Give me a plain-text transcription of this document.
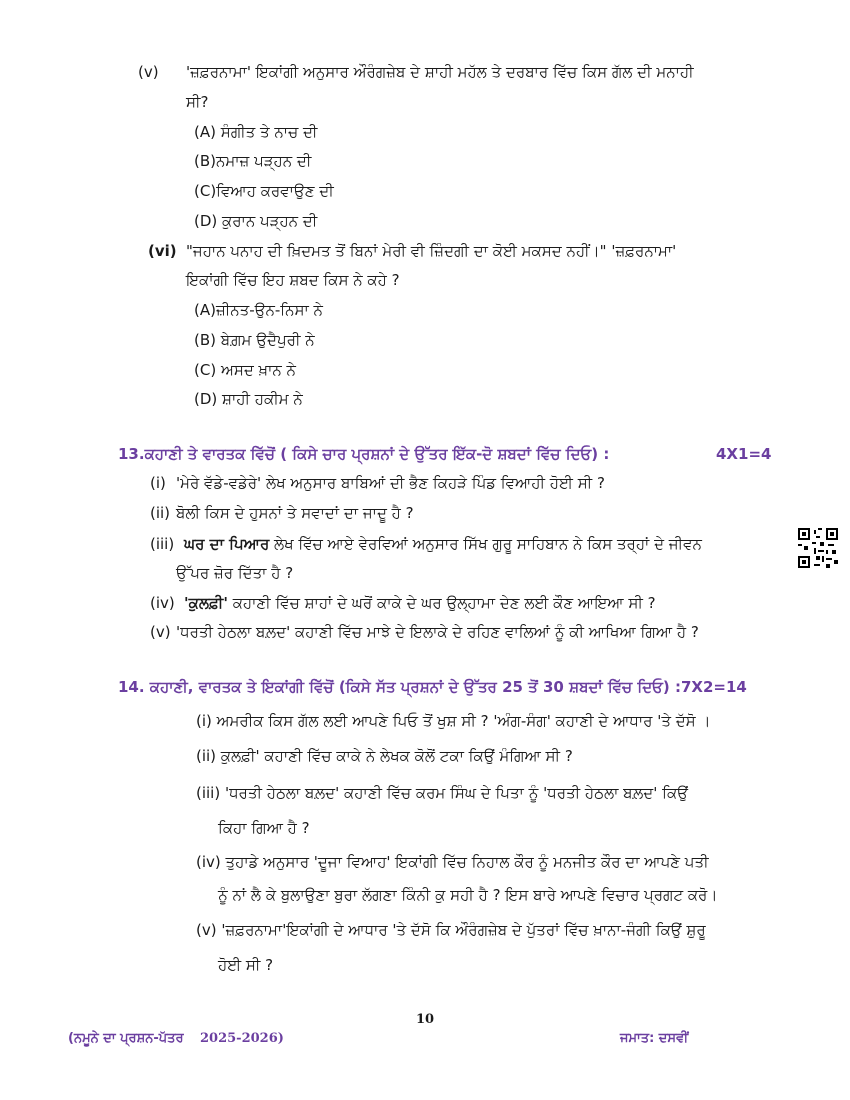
(v) 'ਜ਼ਫ਼ਰਨਾਮਾ' ਇਕਾਂਗੀ ਅਨੁਸਾਰ ਔਰੰਗਜ਼ੇਬ ਦੇ ਸ਼ਾਹੀ ਮਹੱਲ ਤੇ ਦਰਬਾਰ ਵਿੱਚ ਕਿਸ ਗੱਲ ਦੀ ਮਨਾਹੀ
ਸੀ?
(A) ਸੰਗੀਤ ਤੇ ਨਾਚ ਦੀ
(B)ਨਮਾਜ਼ ਪੜ੍ਹਨ ਦੀ
(C)ਵਿਆਹ ਕਰਵਾਉਣ ਦੀ
(D) ਕੁਰਾਨ ਪੜ੍ਹਨ ਦੀ
(vi) "ਜਹਾਨ ਪਨਾਹ ਦੀ ਖ਼ਿਦਮਤ ਤੋਂ ਬਿਨਾਂ ਮੇਰੀ ਵੀ ਜ਼ਿੰਦਗੀ ਦਾ ਕੋਈ ਮਕਸਦ ਨਹੀਂ।" 'ਜ਼ਫ਼ਰਨਾਮਾ'
ਇਕਾਂਗੀ ਵਿੱਚ ਇਹ ਸ਼ਬਦ ਕਿਸ ਨੇ ਕਹੇ ?
(A)ਜ਼ੀਨਤ-ਉਨ-ਨਿਸਾ ਨੇ
(B) ਬੇਗ਼ਮ ਉਦੈਪੁਰੀ ਨੇ
(C) ਅਸਦ ਖ਼ਾਨ ਨੇ
(D) ਸ਼ਾਹੀ ਹਕੀਮ ਨੇ
13.ਕਹਾਣੀ ਤੇ ਵਾਰਤਕ ਵਿੱਚੋਂ ( ਕਿਸੇ ਚਾਰ ਪ੍ਰਸ਼ਨਾਂ ਦੇ ਉੱਤਰ ਇੱਕ-ਦੋ ਸ਼ਬਦਾਂ ਵਿੱਚ ਦਿਓ) :	4X1=4
(i) 'ਮੇਰੇ ਵੱਡੇ-ਵਡੇਰੇ' ਲੇਖ ਅਨੁਸਾਰ ਬਾਬਿਆਂ ਦੀ ਭੈਣ ਕਿਹੜੇ ਪਿੰਡ ਵਿਆਹੀ ਹੋਈ ਸੀ ?
(ii) ਬੋਲੀ ਕਿਸ ਦੇ ਹੁਸਨਾਂ ਤੇ ਸਵਾਦਾਂ ਦਾ ਜਾਦੂ ਹੈ ?
(iii) ਘਰ ਦਾ ਪਿਆਰ ਲੇਖ ਵਿੱਚ ਆਏ ਵੇਰਵਿਆਂ ਅਨੁਸਾਰ ਸਿੱਖ ਗੁਰੂ ਸਾਹਿਬਾਨ ਨੇ ਕਿਸ ਤਰ੍ਹਾਂ ਦੇ ਜੀਵਨ
ਉੱਪਰ ਜ਼ੋਰ ਦਿੱਤਾ ਹੈ ?
(iv) 'ਕੁਲਫ਼ੀ' ਕਹਾਣੀ ਵਿੱਚ ਸ਼ਾਹਾਂ ਦੇ ਘਰੋਂ ਕਾਕੇ ਦੇ ਘਰ ਉਲ੍ਹਾਮਾ ਦੇਣ ਲਈ ਕੌਣ ਆਇਆ ਸੀ ?
(v) 'ਧਰਤੀ ਹੇਠਲਾ ਬਲ਼ਦ' ਕਹਾਣੀ ਵਿੱਚ ਮਾਝੇ ਦੇ ਇਲਾਕੇ ਦੇ ਰਹਿਣ ਵਾਲਿਆਂ ਨੂੰ ਕੀ ਆਖਿਆ ਗਿਆ ਹੈ ?
14. ਕਹਾਣੀ, ਵਾਰਤਕ ਤੇ ਇਕਾਂਗੀ ਵਿੱਚੋਂ (ਕਿਸੇ ਸੱਤ ਪ੍ਰਸ਼ਨਾਂ ਦੇ ਉੱਤਰ 25 ਤੋਂ 30 ਸ਼ਬਦਾਂ ਵਿੱਚ ਦਿਓ) :7X2=14
(i) ਅਮਰੀਕ ਕਿਸ ਗੱਲ ਲਈ ਆਪਣੇ ਪਿਓ ਤੋਂ ਖੁਸ਼ ਸੀ ? 'ਅੰਗ-ਸੰਗ' ਕਹਾਣੀ ਦੇ ਆਧਾਰ 'ਤੇ ਦੱਸੋ ।
(ii) ਕੁਲਫ਼ੀ' ਕਹਾਣੀ ਵਿੱਚ ਕਾਕੇ ਨੇ ਲੇਖਕ ਕੋਲੋਂ ਟਕਾ ਕਿਉਂ ਮੰਗਿਆ ਸੀ ?
(iii) 'ਧਰਤੀ ਹੇਠਲਾ ਬਲ਼ਦ' ਕਹਾਣੀ ਵਿੱਚ ਕਰਮ ਸਿੰਘ ਦੇ ਪਿਤਾ ਨੂੰ 'ਧਰਤੀ ਹੇਠਲਾ ਬਲ਼ਦ' ਕਿਉਂ
ਕਿਹਾ ਗਿਆ ਹੈ ?
(iv) ਤੁਹਾਡੇ ਅਨੁਸਾਰ 'ਦੂਜਾ ਵਿਆਹ' ਇਕਾਂਗੀ ਵਿੱਚ ਨਿਹਾਲ ਕੌਰ ਨੂੰ ਮਨਜੀਤ ਕੌਰ ਦਾ ਆਪਣੇ ਪਤੀ
ਨੂੰ ਨਾਂ ਲੈ ਕੇ ਬੁਲਾਉਣਾ ਬੁਰਾ ਲੱਗਣਾ ਕਿੰਨੀ ਕੁ ਸਹੀ ਹੈ ? ਇਸ ਬਾਰੇ ਆਪਣੇ ਵਿਚਾਰ ਪ੍ਰਗਟ ਕਰੋ।
(v) 'ਜ਼ਫ਼ਰਨਾਮਾ'ਇਕਾਂਗੀ ਦੇ ਆਧਾਰ 'ਤੇ ਦੱਸੋ ਕਿ ਔਰੰਗਜ਼ੇਬ ਦੇ ਪੁੱਤਰਾਂ ਵਿੱਚ ਖ਼ਾਨਾ-ਜੰਗੀ ਕਿਉਂ ਸ਼ੁਰੂ
ਹੋਈ ਸੀ ?
10
(ਨਮੂਨੇ ਦਾ ਪ੍ਰਸ਼ਨ-ਪੱਤਰ 2025-2026)	ਜਮਾਤ: ਦਸਵੀਂ
